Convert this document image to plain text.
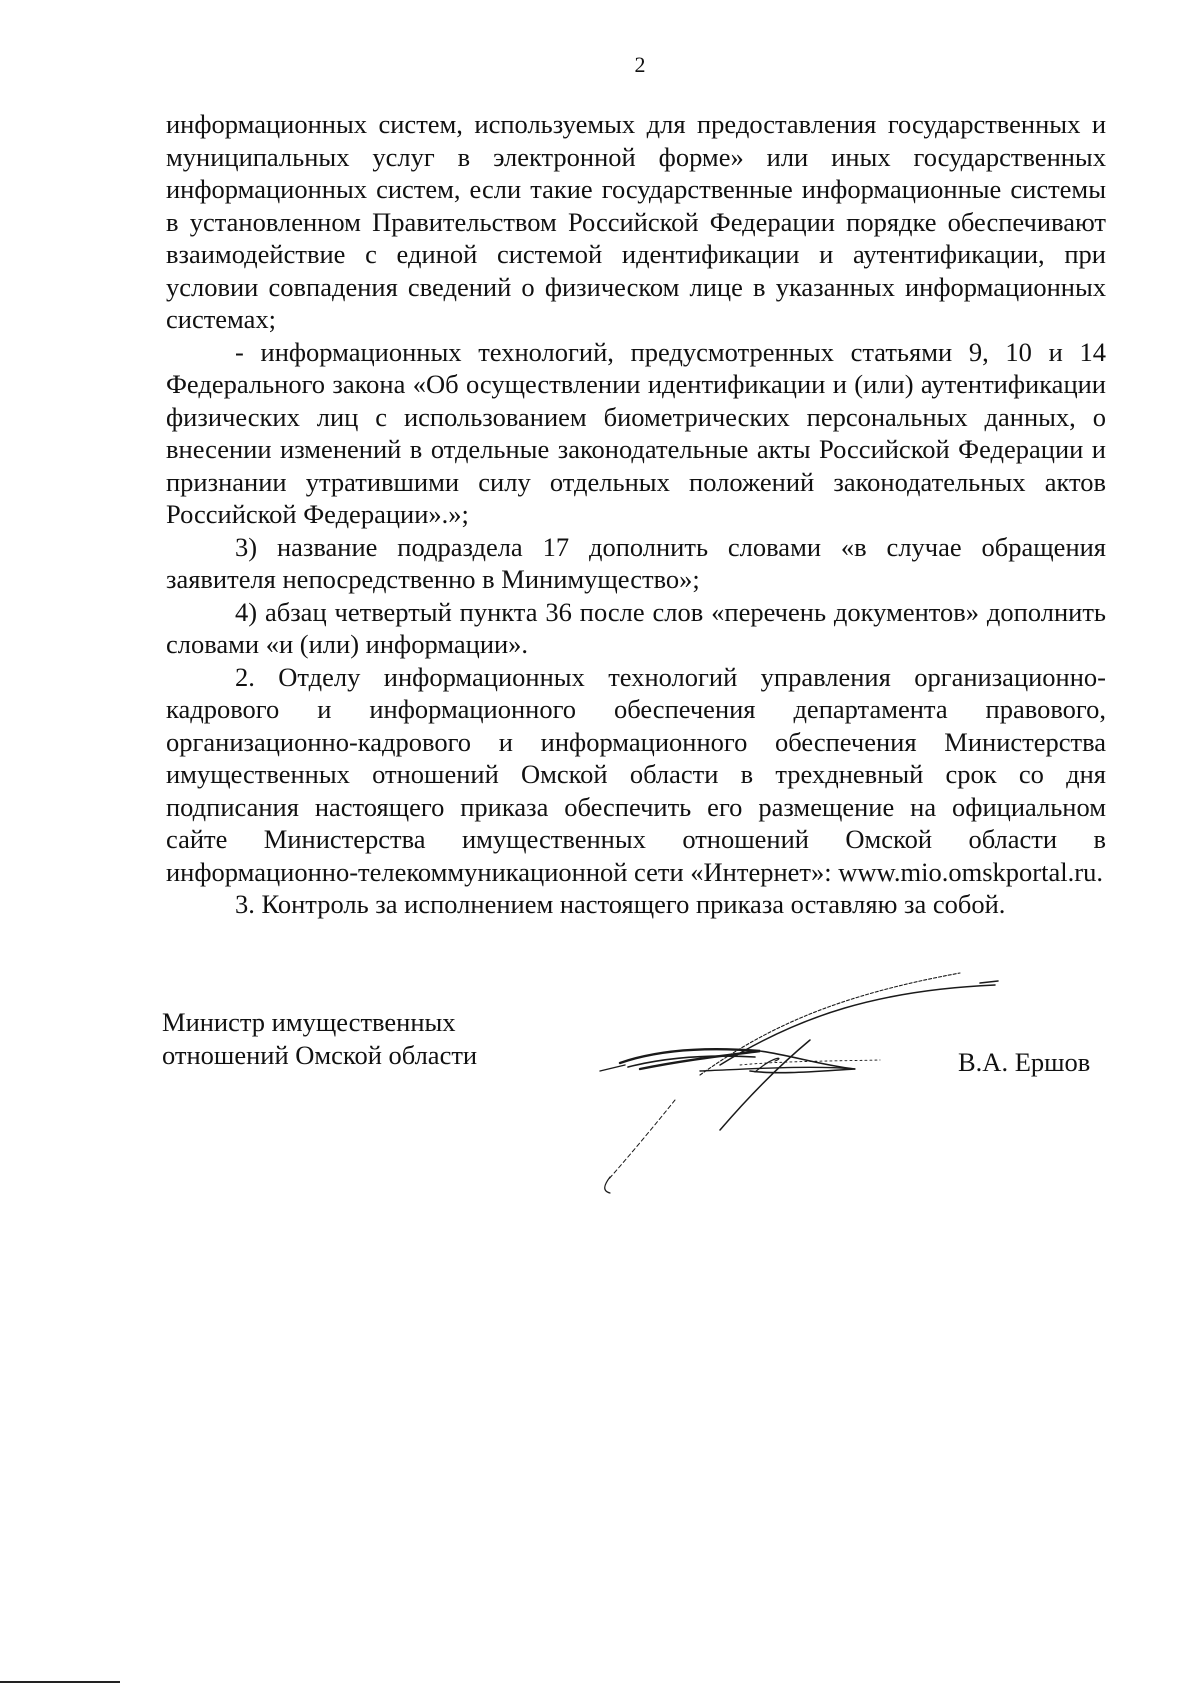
2

информационных систем, используемых для предоставления государственных и муниципальных услуг в электронной форме» или иных государственных информационных систем, если такие государственные информационные системы в установленном Правительством Российской Федерации порядке обеспечивают взаимодействие с единой системой идентификации и аутентификации, при условии совпадения сведений о физическом лице в указанных информационных системах;

- информационных технологий, предусмотренных статьями 9, 10 и 14 Федерального закона «Об осуществлении идентификации и (или) аутентификации физических лиц с использованием биометрических персональных данных, о внесении изменений в отдельные законодательные акты Российской Федерации и признании утратившими силу отдельных положений законодательных актов Российской Федерации».»;

3) название подраздела 17 дополнить словами «в случае обращения заявителя непосредственно в Минимущество»;

4) абзац четвертый пункта 36 после слов «перечень документов» дополнить словами «и (или) информации».

2. Отделу информационных технологий управления организационно-кадрового и информационного обеспечения департамента правового, организационно-кадрового и информационного обеспечения Министерства имущественных отношений Омской области в трехдневный срок со дня подписания настоящего приказа обеспечить его размещение на официальном сайте Министерства имущественных отношений Омской области в информационно-телекоммуникационной сети «Интернет»: www.mio.omskportal.ru.

3. Контроль за исполнением настоящего приказа оставляю за собой.

Министр имущественных
отношений Омской области	В.А. Ершов
